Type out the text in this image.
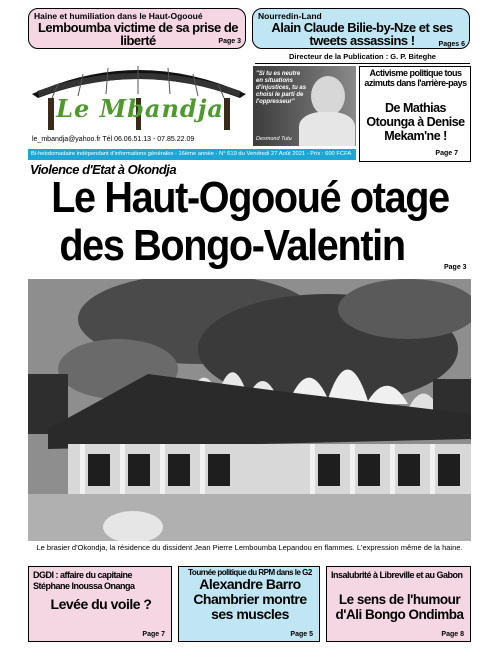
Haine et humiliation dans le Haut-Ogooué
Lemboumba victime de sa prise de liberté	Page 3
Nourredin-Land
Alain Claude Bilie-by-Nze et ses tweets assassins !	Pages 6
Le Mbandja
le_mbandja@yahoo.fr Tél 06.06.51.13 - 07.85.22.09
Directeur de la Publication : G. P. Biteghe
"Si tu es neutre en situations d'injustices, tu as choisi le parti de l'oppresseur"
Desmond Tutu
Activisme politique tous azimuts dans l'arrière-pays
De Mathias Otounga à Denise Mekam'ne !
Page 7
Bi-hebdomadaire indépendant d'informations générales - 16ème année - N° 619 du Vendredi 27 Août 2021 - Prix : 600 FCFA
Violence d'Etat à Okondja
Le Haut-Ogooué otage
des Bongo-Valentin	Page 3
Le brasier d'Okondja, la résidence du dissident Jean Pierre Lemboumba Lepandou en flammes. L'expression même de la haine.
DGDI : affaire du capitaine Stéphane Inoussa Onanga
Levée du voile ?
Page 7
Tournée politique du RPM dans le G2
Alexandre Barro Chambrier montre ses muscles
Page 5
Insalubrité à Libreville et au Gabon
Le sens de l'humour d'Ali Bongo Ondimba
Page 8
